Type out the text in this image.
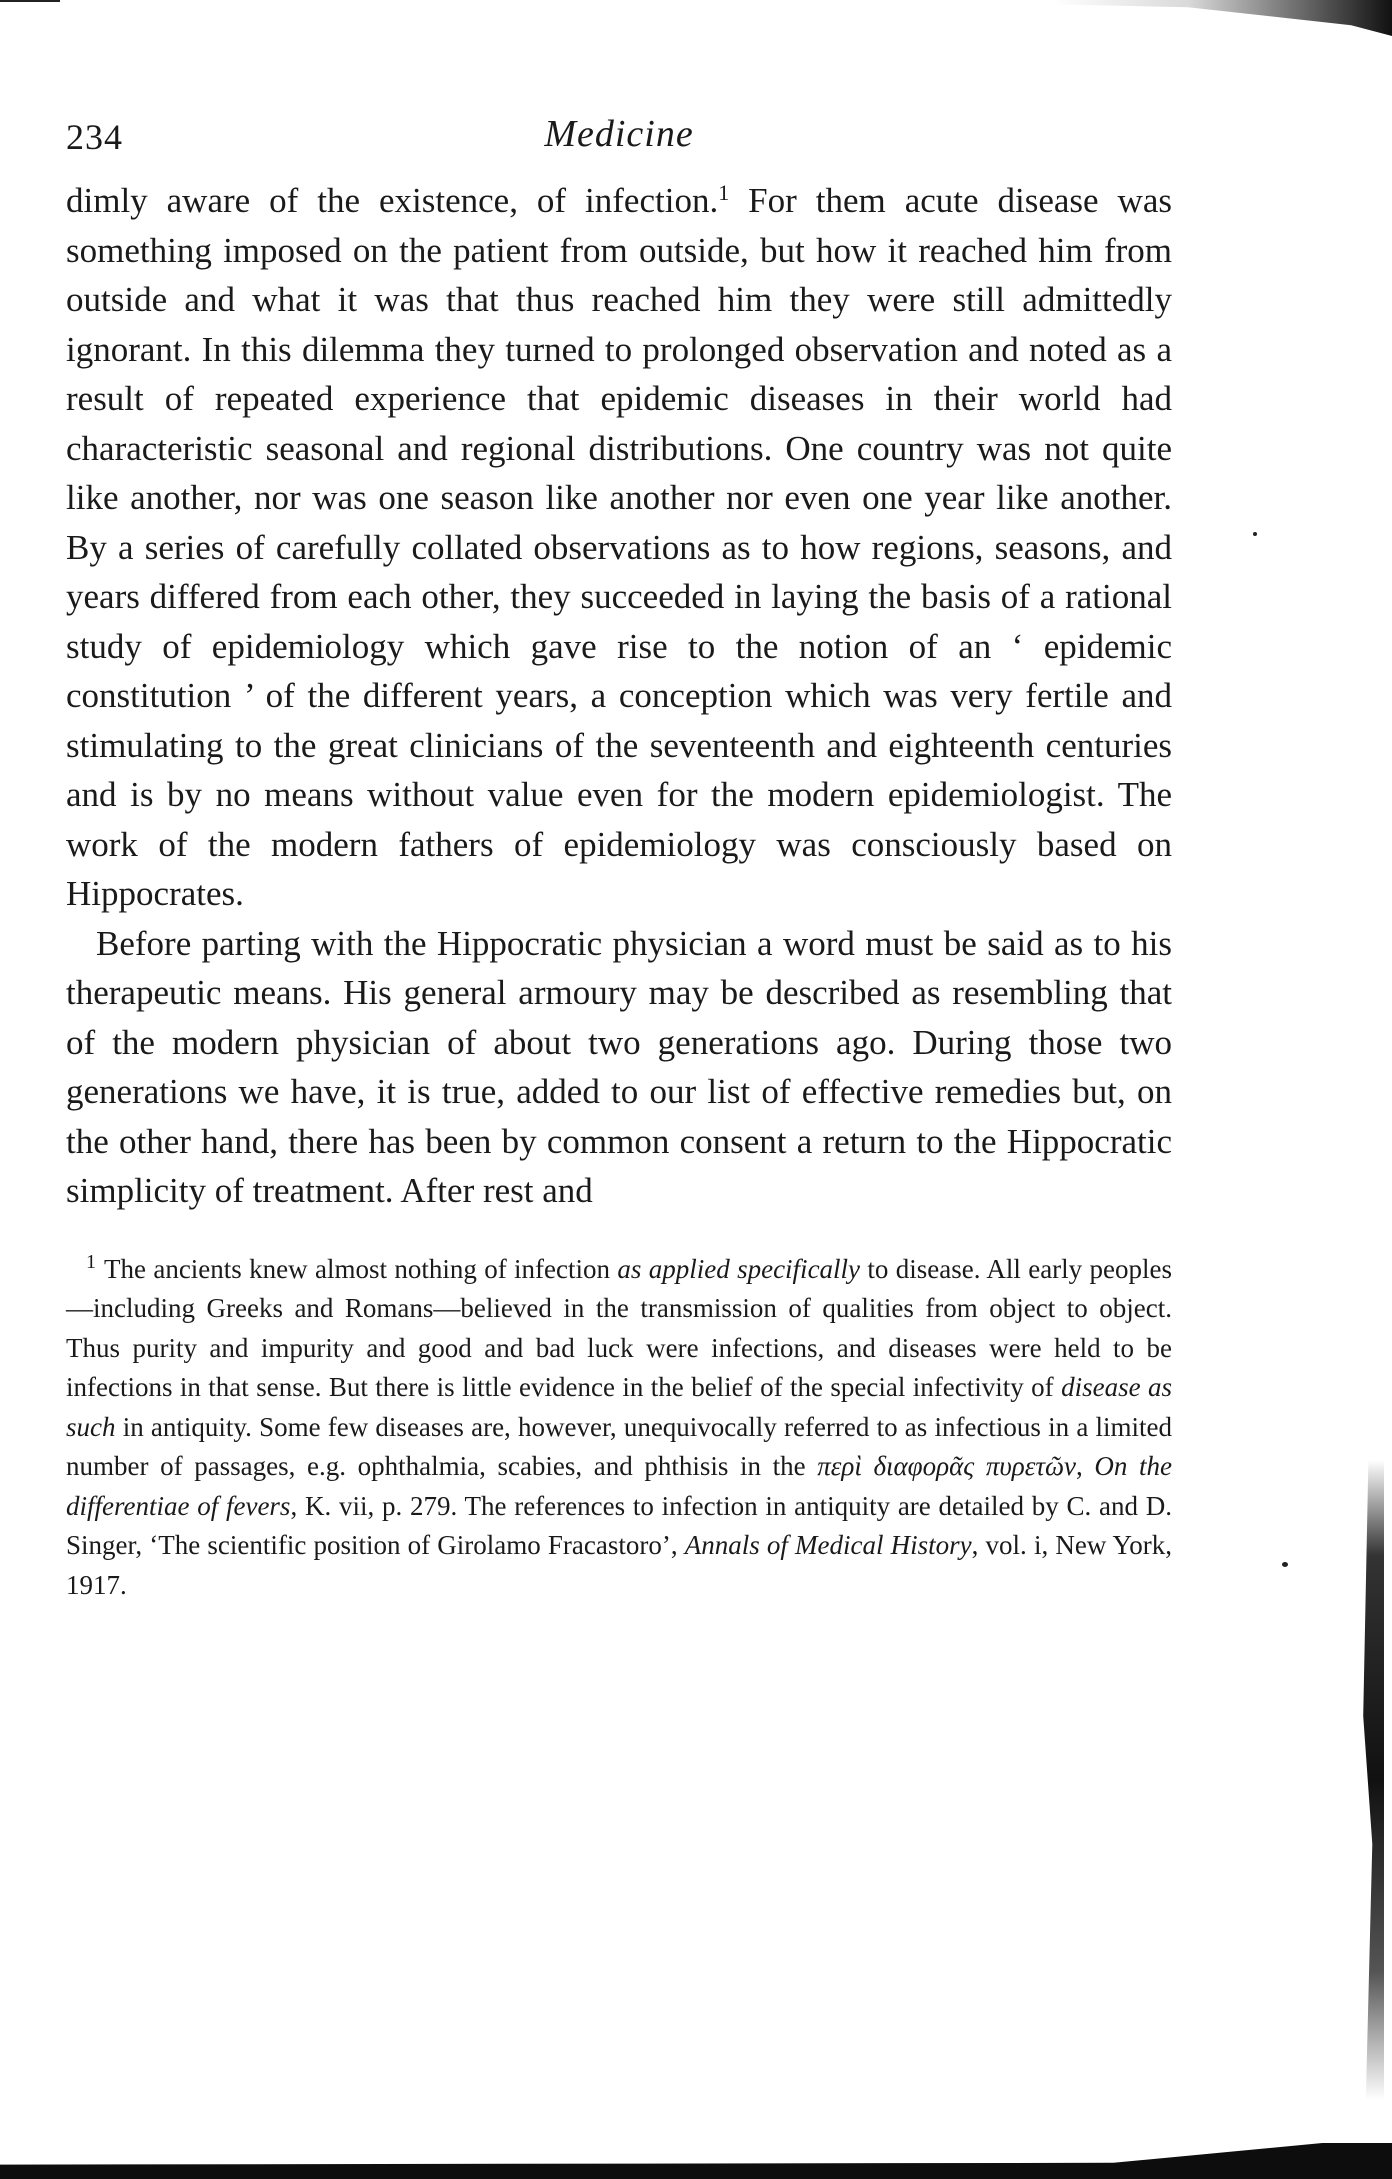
234	Medicine

dimly aware of the existence, of infection.$^1$ For them acute disease was something imposed on the patient from outside, but how it reached him from outside and what it was that thus reached him they were still admittedly ignorant. In this dilemma they turned to prolonged observation and noted as a result of repeated experience that epidemic diseases in their world had characteristic seasonal and regional distributions. One country was not quite like another, nor was one season like another nor even one year like another. By a series of carefully collated observations as to how regions, seasons, and years differed from each other, they succeeded in laying the basis of a rational study of epidemiology which gave rise to the notion of an ‘ epidemic constitution ’ of the different years, a conception which was very fertile and stimulating to the great clinicians of the seventeenth and eighteenth centuries and is by no means without value even for the modern epidemiologist. The work of the modern fathers of epidemiology was consciously based on Hippocrates.

Before parting with the Hippocratic physician a word must be said as to his therapeutic means. His general armoury may be described as resembling that of the modern physician of about two generations ago. During those two generations we have, it is true, added to our list of effective remedies but, on the other hand, there has been by common consent a return to the Hippocratic simplicity of treatment. After rest and

$^1$ The ancients knew almost nothing of infection as applied specifically to disease. All early peoples—including Greeks and Romans—believed in the transmission of qualities from object to object. Thus purity and impurity and good and bad luck were infections, and diseases were held to be infections in that sense. But there is little evidence in the belief of the special infectivity of disease as such in antiquity. Some few diseases are, however, unequivocally referred to as infectious in a limited number of passages, e.g. ophthalmia, scabies, and phthisis in the περὶ διαφορᾶς πυρετῶν, On the differentiae of fevers, K. vii, p. 279. The references to infection in antiquity are detailed by C. and D. Singer, ‘The scientific position of Girolamo Fracastoro’, Annals of Medical History, vol. i, New York, 1917.
